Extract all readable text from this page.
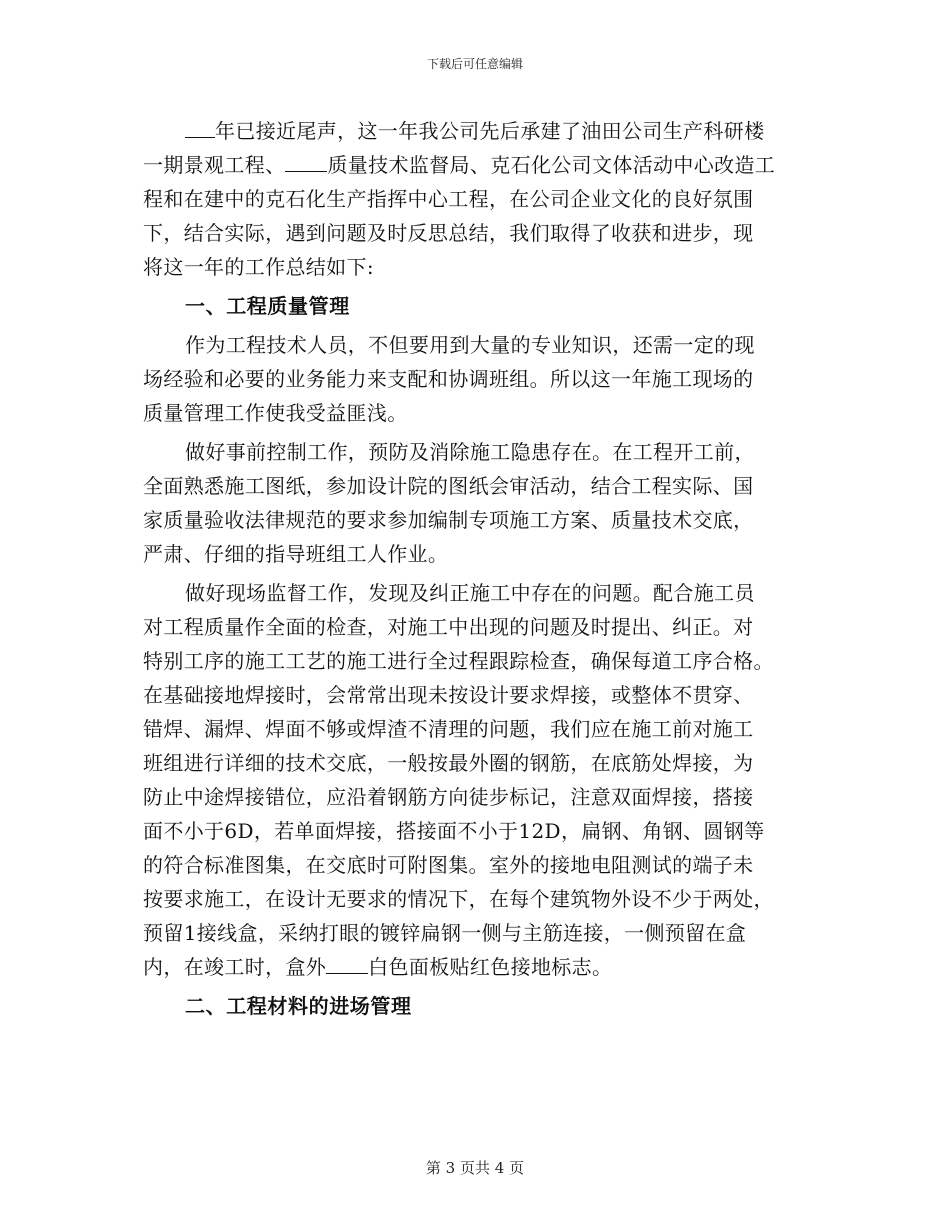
下载后可任意编辑
年已接近尾声，这一年我公司先后承建了油田公司生产科研楼
一期景观工程、 质量技术监督局、克石化公司文体活动中心改造工
程和在建中的克石化生产指挥中心工程，在公司企业文化的良好氛围
下，结合实际，遇到问题及时反思总结，我们取得了收获和进步，现
将这一年的工作总结如下:
一、工程质量管理
作为工程技术人员，不但要用到大量的专业知识，还需一定的现
场经验和必要的业务能力来支配和协调班组。所以这一年施工现场的
质量管理工作使我受益匪浅。
做好事前控制工作，预防及消除施工隐患存在。在工程开工前，
全面熟悉施工图纸，参加设计院的图纸会审活动，结合工程实际、国
家质量验收法律规范的要求参加编制专项施工方案、质量技术交底，
严肃、仔细的指导班组工人作业。
做好现场监督工作，发现及纠正施工中存在的问题。配合施工员
对工程质量作全面的检查，对施工中出现的问题及时提出、纠正。对
特别工序的施工工艺的施工进行全过程跟踪检查，确保每道工序合格。
在基础接地焊接时，会常常出现未按设计要求焊接，或整体不贯穿、
错焊、漏焊、焊面不够或焊渣不清理的问题，我们应在施工前对施工
班组进行详细的技术交底，一般按最外圈的钢筋，在底筋处焊接，为
防止中途焊接错位，应沿着钢筋方向徒步标记，注意双面焊接，搭接
面不小于6D，若单面焊接，搭接面不小于12D，扁钢、角钢、圆钢等
的符合标准图集，在交底时可附图集。室外的接地电阻测试的端子未
按要求施工，在设计无要求的情况下，在每个建筑物外设不少于两处，
预留1接线盒，采纳打眼的镀锌扁钢一侧与主筋连接，一侧预留在盒
内，在竣工时，盒外 白色面板贴红色接地标志。
二、工程材料的进场管理
第 3 页共 4 页
